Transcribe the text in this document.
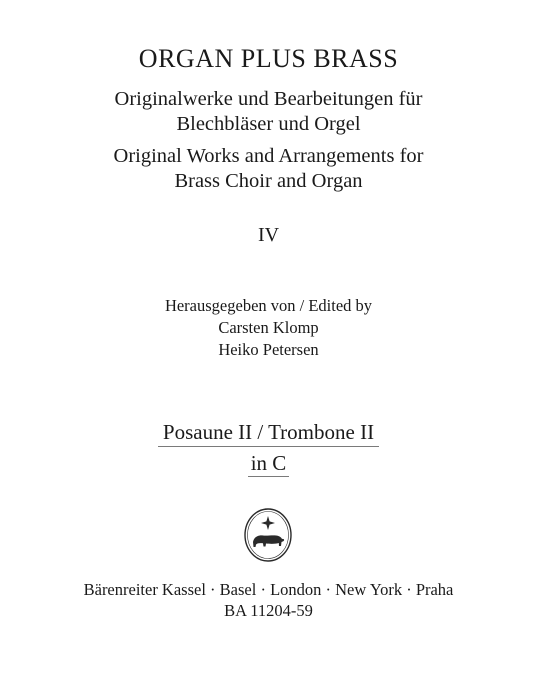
ORGAN PLUS BRASS
Originalwerke und Bearbeitungen für
Blechbläser und Orgel
Original Works and Arrangements for
Brass Choir and Organ
IV
Herausgegeben von / Edited by
Carsten Klomp
Heiko Petersen
Posaune II / Trombone II
in C
Bärenreiter Kassel · Basel · London · New York · Praha
BA 11204-59
